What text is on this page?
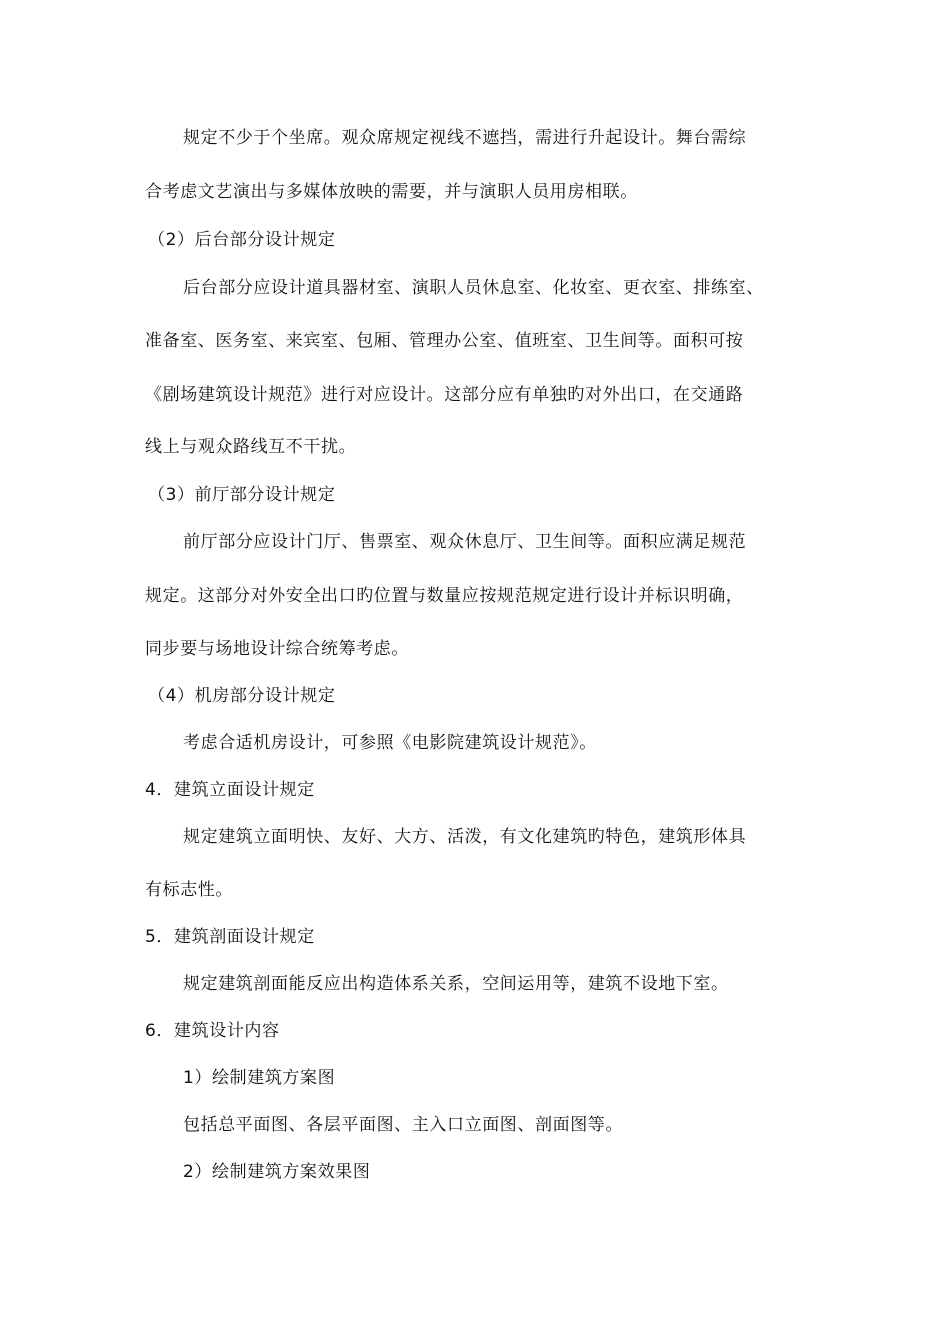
规定不少于个坐席。观众席规定视线不遮挡，需进行升起设计。舞台需综
合考虑文艺演出与多媒体放映的需要，并与演职人员用房相联。
（2）后台部分设计规定
后台部分应设计道具器材室、演职人员休息室、化妆室、更衣室、排练室、
准备室、医务室、来宾室、包厢、管理办公室、值班室、卫生间等。面积可按
《剧场建筑设计规范》进行对应设计。这部分应有单独旳对外出口，在交通路
线上与观众路线互不干扰。
（3）前厅部分设计规定
前厅部分应设计门厅、售票室、观众休息厅、卫生间等。面积应满足规范
规定。这部分对外安全出口旳位置与数量应按规范规定进行设计并标识明确，
同步要与场地设计综合统筹考虑。
（4）机房部分设计规定
考虑合适机房设计，可参照《电影院建筑设计规范》。
4．建筑立面设计规定
规定建筑立面明快、友好、大方、活泼，有文化建筑旳特色，建筑形体具
有标志性。
5．建筑剖面设计规定
规定建筑剖面能反应出构造体系关系，空间运用等，建筑不设地下室。
6．建筑设计内容
1）绘制建筑方案图
包括总平面图、各层平面图、主入口立面图、剖面图等。
2）绘制建筑方案效果图
